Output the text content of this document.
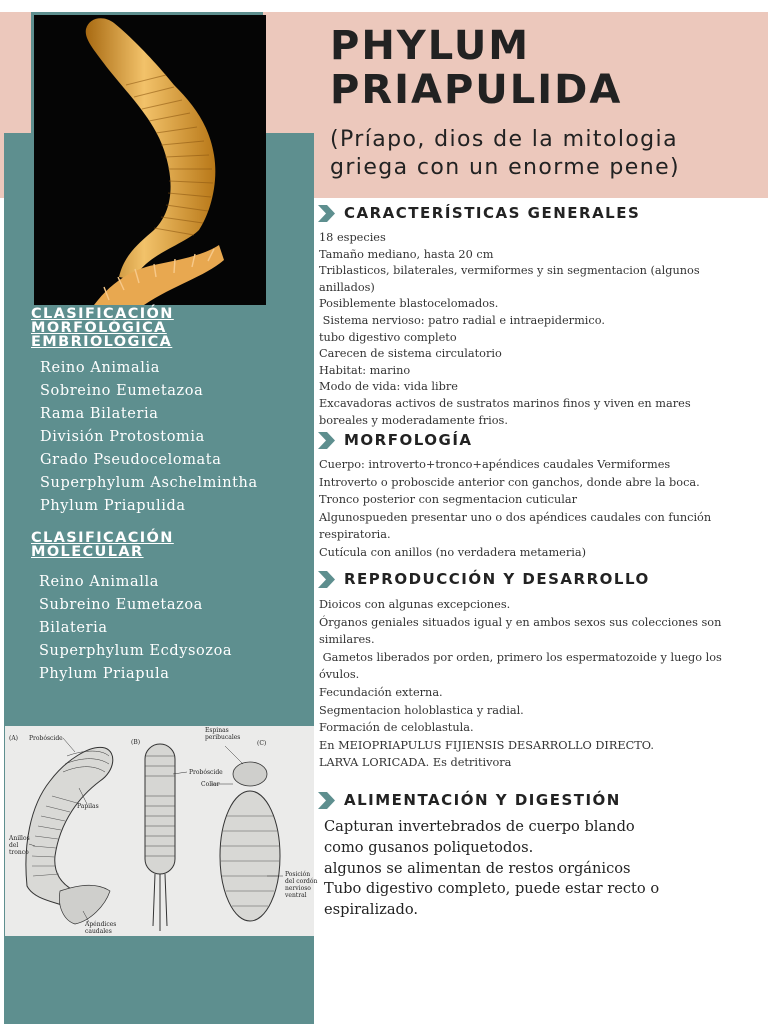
PHYLUM
PRIAPULIDA
(Príapo, dios de la mitologia griega con un enorme pene)
CLASIFICACIÓN
MORFOLÓGICA
EMBRIOLOGICA
Reino Animalia
Sobreino Eumetazoa
Rama Bilateria
División Protostomia
Grado Pseudocelomata
Superphylum Aschelmintha
Phylum Priapulida
CLASIFICACIÓN
MOLECULAR
Reino Animalla
Subreino Eumetazoa
Bilateria
Superphylum Ecdysozoa
Phylum Priapula
CARACTERÍSTICAS GENERALES

18 especies

Tamaño mediano, hasta 20 cm

Triblasticos, bilaterales, vermiformes y sin segmentacion (algunos

anillados)

Posiblemente blastocelomados.

Sistema nervioso: patro radial e intraepidermico.

tubo digestivo completo

Carecen de sistema circulatorio

Habitat: marino

Modo de vida: vida libre

Excavadoras activos de sustratos marinos finos y viven en mares

boreales y moderadamente frios.

MORFOLOGÍA

Cuerpo: introverto+tronco+apéndices caudales Vermiformes

Introverto o proboscide anterior con ganchos, donde abre la boca.

Tronco posterior con segmentacion cuticular

Algunospueden presentar uno o dos apéndices caudales con función

respiratoria.

Cutícula con anillos (no verdadera metameria)

REPRODUCCIÓN Y DESARROLLO

Dioicos con algunas excepciones.

Órganos geniales situados igual y en ambos sexos sus colecciones son

similares.

Gametos liberados por orden, primero los espermatozoide y luego los

óvulos.

Fecundación externa.

Segmentacion holoblastica y radial.

Formación de celoblastula.

En MEIOPRIAPULUS FIJIENSIS DESARROLLO DIRECTO.

LARVA LORICADA. Es detritivora

ALIMENTACIÓN Y DIGESTIÓN

Capturan invertebrados de cuerpo blando

como gusanos poliquetodos.

algunos se alimentan de restos orgánicos

Tubo digestivo completo, puede estar recto o

espiralizado.

(A) Probóscide
Papilas
Anillos del tronco
Apéndices caudales
(B)
Espinas peribucales
(C)
Probóscide
Collar
Posición del cordón nervioso ventral
